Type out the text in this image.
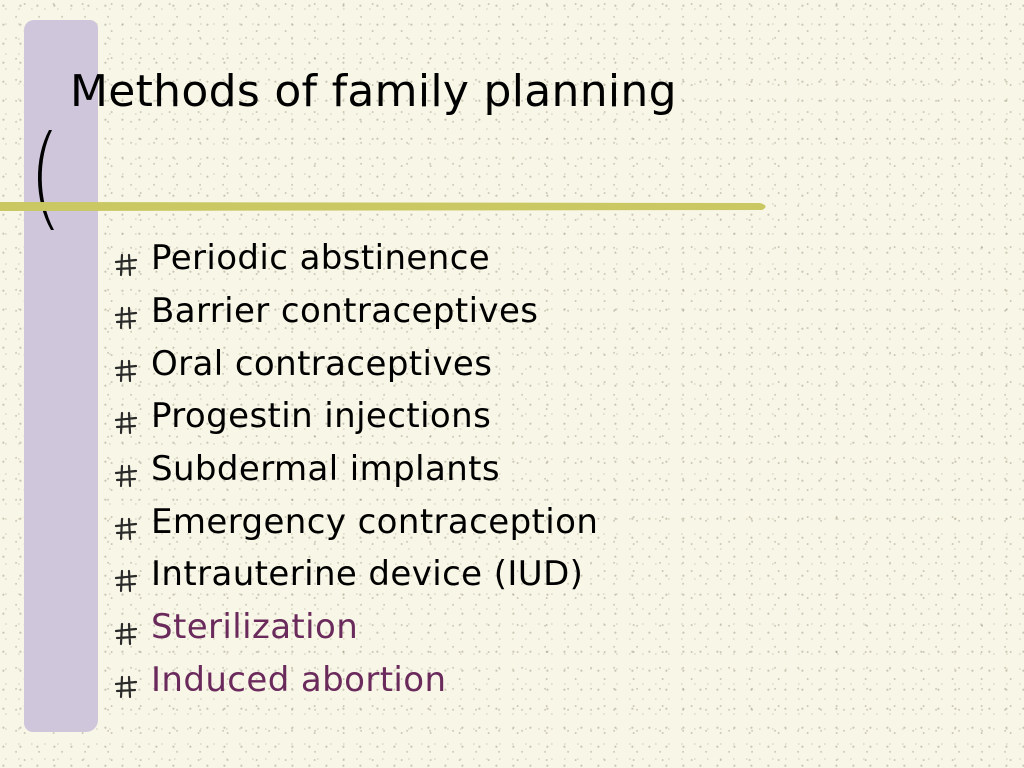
Methods of family planning
Periodic abstinence
Barrier contraceptives
Oral contraceptives
Progestin injections
Subdermal implants
Emergency contraception
Intrauterine device (IUD)
Sterilization
Induced abortion
